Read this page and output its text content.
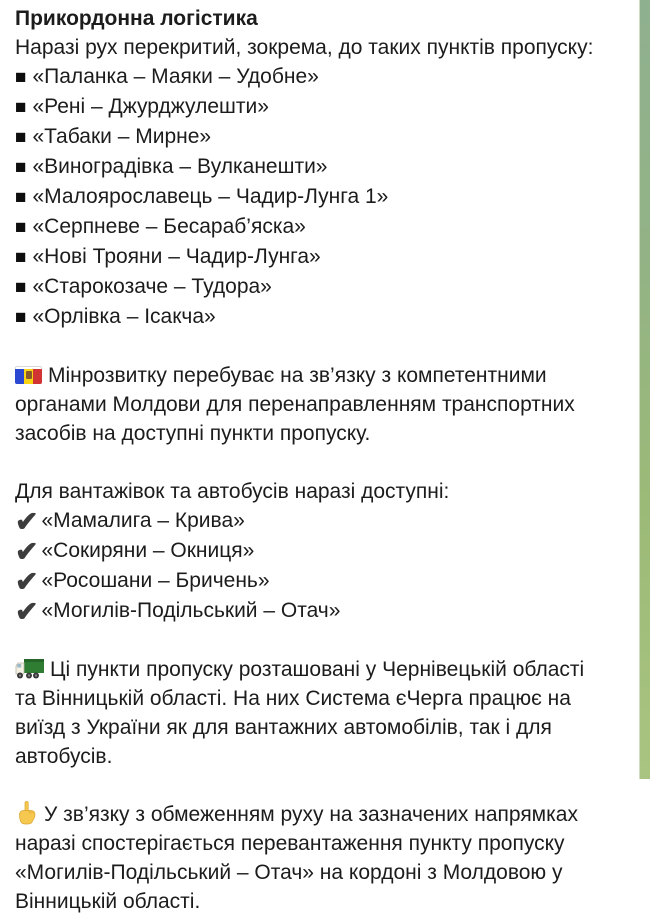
Прикордонна логістика
Наразі рух перекритий, зокрема, до таких пунктів пропуску:
■ «Паланка – Маяки – Удобне»
■ «Рені – Джурджулешти»
■ «Табаки – Мирне»
■ «Виноградівка – Вулканешти»
■ «Малоярославець – Чадир-Лунга 1»
■ «Серпневе – Бесараб’яска»
■ «Нові Трояни – Чадир-Лунга»
■ «Старокозаче – Тудора»
■ «Орлівка – Ісакча»
Мінрозвитку перебуває на зв’язку з компетентними органами Молдови для перенаправленням транспортних засобів на доступні пункти пропуску.
Для вантажівок та автобусів наразі доступні:
✔ «Мамалига – Крива»
✔ «Сокиряни – Окниця»
✔ «Росошани – Бричень»
✔ «Могилів-Подільський – Отач»
Ці пункти пропуску розташовані у Чернівецькій області та Вінницькій області. На них Система єЧерга працює на виїзд з України як для вантажних автомобілів, так і для автобусів.
У зв’язку з обмеженням руху на зазначених напрямках наразі спостерігається перевантаження пункту пропуску «Могилів-Подільський – Отач» на кордоні з Молдовою у Вінницькій області.
